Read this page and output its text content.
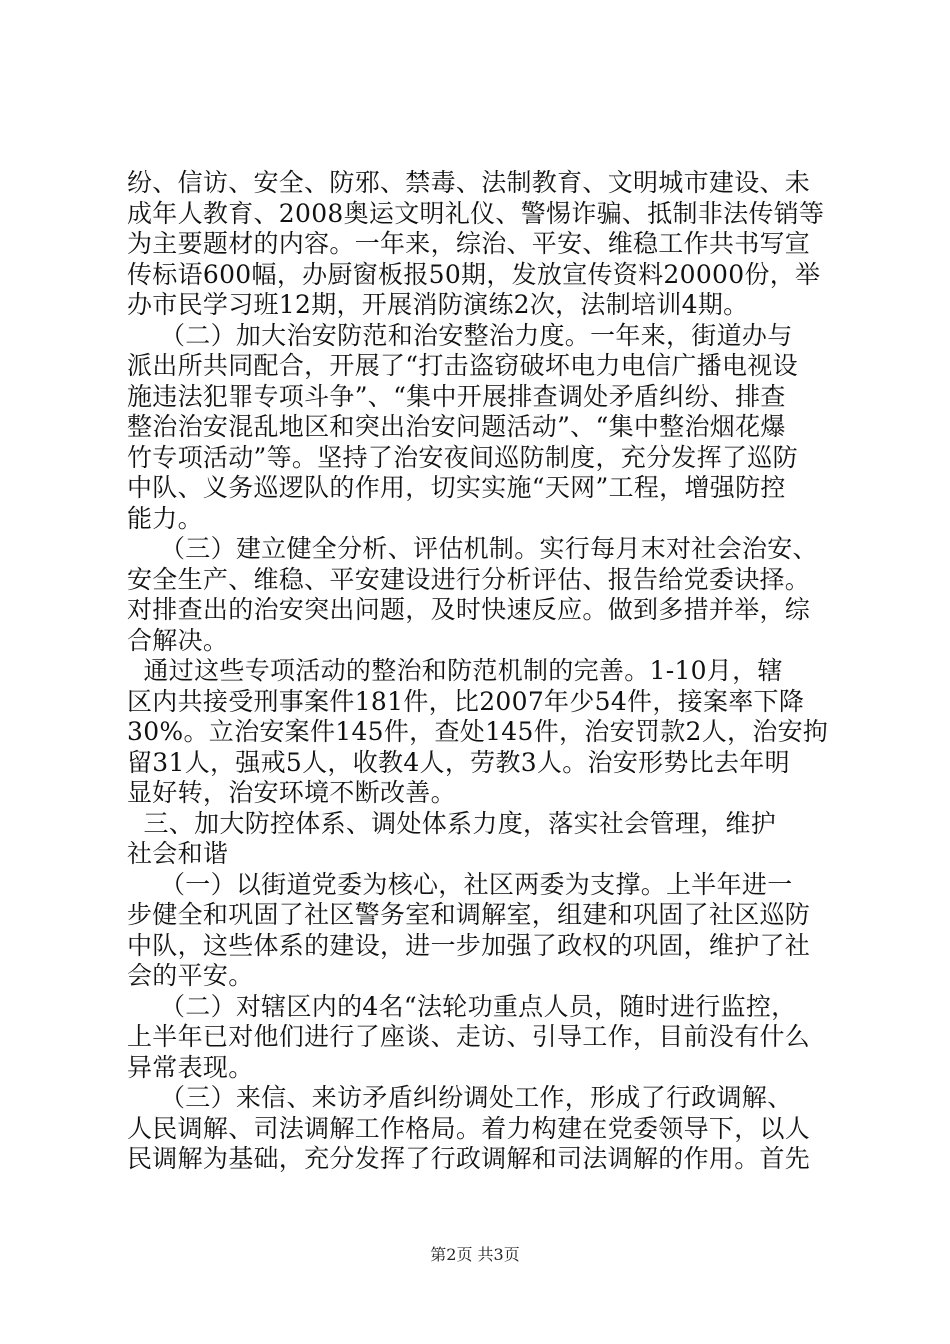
纷、信访、安全、防邪、禁毒、法制教育、文明城市建设、未
成年人教育、2008奥运文明礼仪、警惕诈骗、抵制非法传销等
为主要题材的内容。一年来，综治、平安、维稳工作共书写宣
传标语600幅，办厨窗板报50期，发放宣传资料20000份，举
办市民学习班12期，开展消防演练2次，法制培训4期。
（二）加大治安防范和治安整治力度。一年来，街道办与
派出所共同配合，开展了“打击盗窃破坏电力电信广播电视设
施违法犯罪专项斗争”、“集中开展排查调处矛盾纠纷、排查
整治治安混乱地区和突出治安问题活动”、“集中整治烟花爆
竹专项活动”等。坚持了治安夜间巡防制度，充分发挥了巡防
中队、义务巡逻队的作用，切实实施“天网”工程，增强防控
能力。
（三）建立健全分析、评估机制。实行每月末对社会治安、
安全生产、维稳、平安建设进行分析评估、报告给党委诀择。
对排查出的治安突出问题，及时快速反应。做到多措并举，综
合解决。
通过这些专项活动的整治和防范机制的完善。1-10月，辖
区内共接受刑事案件181件，比2007年少54件，接案率下降
30%。立治安案件145件，查处145件，治安罚款2人，治安拘
留31人，强戒5人，收教4人，劳教3人。治安形势比去年明
显好转，治安环境不断改善。
三、加大防控体系、调处体系力度，落实社会管理，维护
社会和谐
（一）以街道党委为核心，社区两委为支撑。上半年进一
步健全和巩固了社区警务室和调解室，组建和巩固了社区巡防
中队，这些体系的建设，进一步加强了政权的巩固，维护了社
会的平安。
（二）对辖区内的4名“法轮功重点人员，随时进行监控，
上半年已对他们进行了座谈、走访、引导工作，目前没有什么
异常表现。
（三）来信、来访矛盾纠纷调处工作，形成了行政调解、
人民调解、司法调解工作格局。着力构建在党委领导下，以人
民调解为基础，充分发挥了行政调解和司法调解的作用。首先
第2页 共3页
